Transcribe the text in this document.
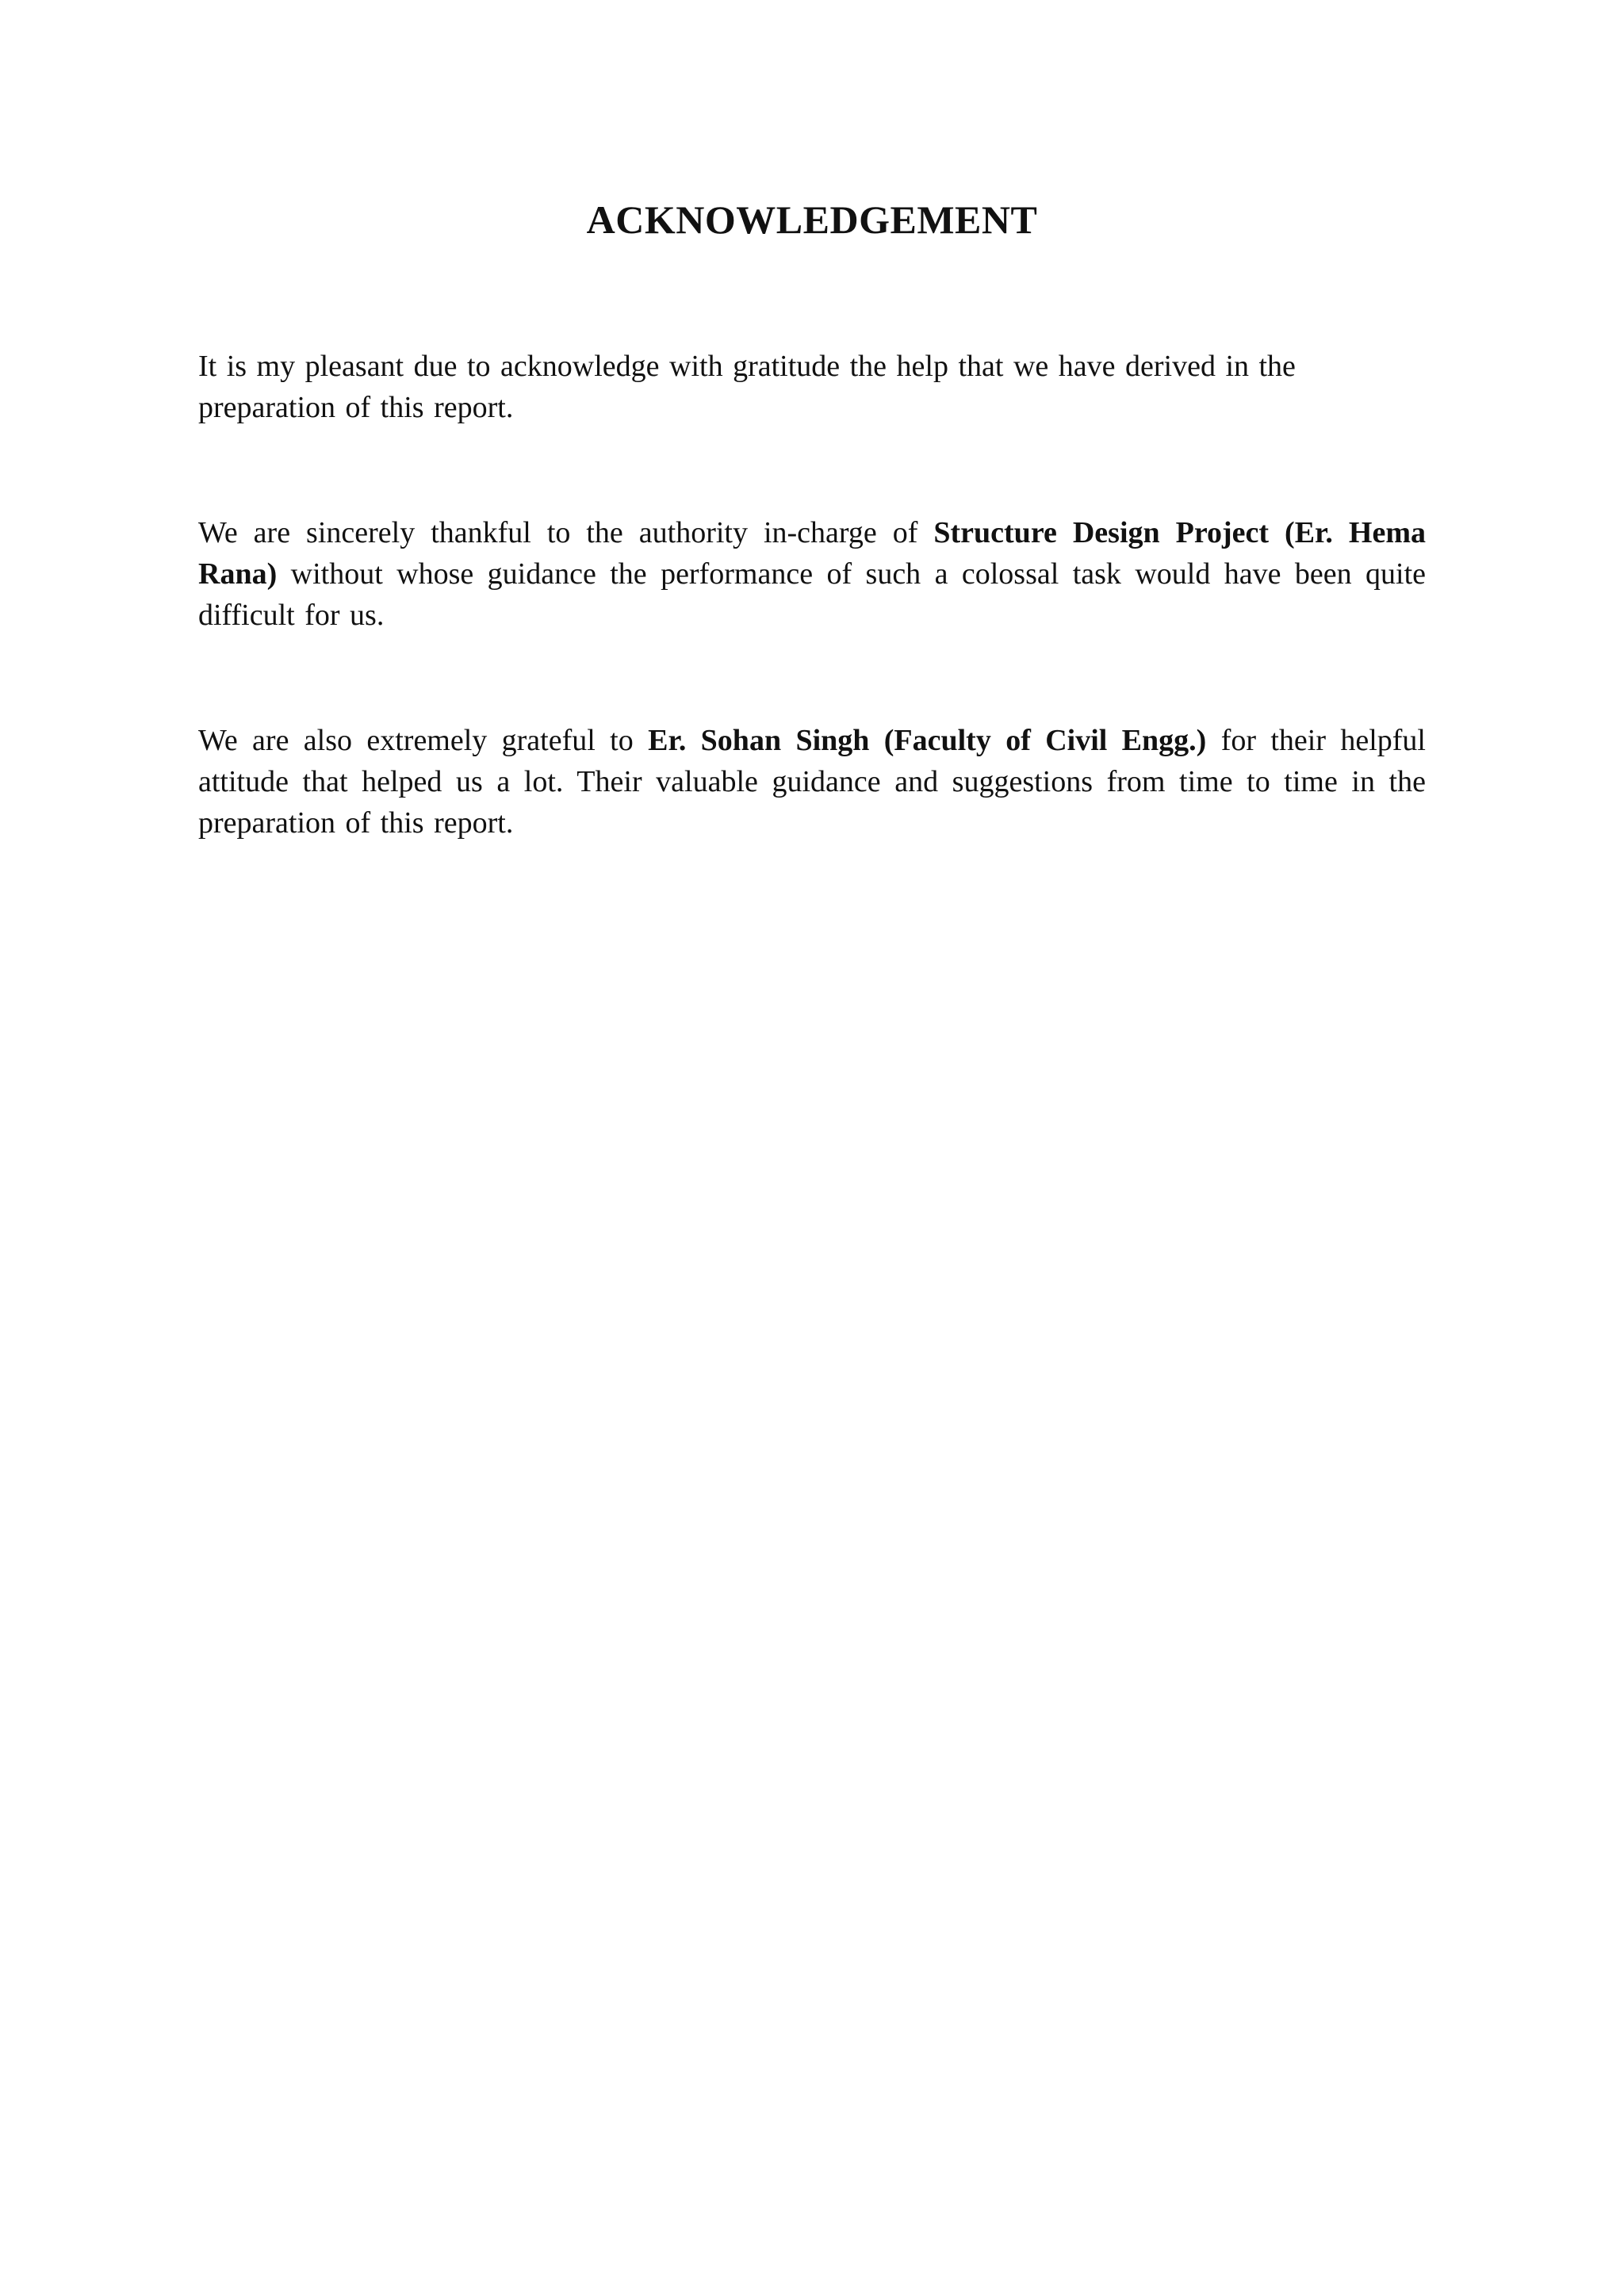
ACKNOWLEDGEMENT

It is my pleasant due to acknowledge with gratitude the help that we have derived in the preparation of this report.

We are sincerely thankful to the authority in-charge of Structure Design Project (Er. Hema Rana) without whose guidance the performance of such a colossal task would have been quite difficult for us.

We are also extremely grateful to Er. Sohan Singh (Faculty of Civil Engg.) for their helpful attitude that helped us a lot. Their valuable guidance and suggestions from time to time in the preparation of this report.
